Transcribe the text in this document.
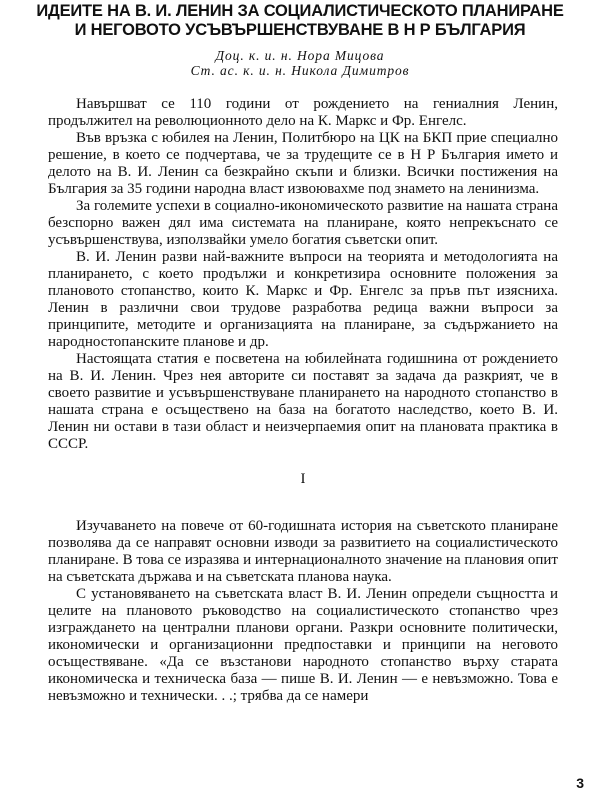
ИДЕИТЕ НА В. И. ЛЕНИН ЗА СОЦИАЛИСТИЧЕСКОТО ПЛАНИРАНЕ
И НЕГОВОТО УСЪВЪРШЕНСТВУВАНЕ В Н Р БЪЛГАРИЯ
Доц. к. и. н. Нора Мицова
Ст. ас. к. и. н. Никола Димитров

Навършват се 110 години от рождението на гениалния Ленин, продължител на революционното дело на К. Маркс и Фр. Енгелс.

Във връзка с юбилея на Ленин, Политбюро на ЦК на БКП прие специално решение, в което се подчертава, че за трудещите се в Н Р България името и делото на В. И. Ленин са безкрайно скъпи и близки. Всички постижения на България за 35 години народна власт извоювахме под знамето на ленинизма.

За големите успехи в социално-икономическото развитие на нашата страна безспорно важен дял има системата на планиране, която непрекъснато се усъвършенствува, използвайки умело богатия съветски опит.

В. И. Ленин разви най-важните въпроси на теорията и методологията на планирането, с което продължи и конкретизира основните положения за плановото стопанство, които К. Маркс и Фр. Енгелс за пръв път изясниха. Ленин в различни свои трудове разработва редица важни въпроси за принципите, методите и организацията на планиране, за съдържанието на народностопанските планове и др.

Настоящата статия е посветена на юбилейната годишнина от рождението на В. И. Ленин. Чрез нея авторите си поставят за задача да разкрият, че в своето развитие и усъвършенствуване планирането на народното стопанство в нашата страна е осъществено на база на богатото наследство, което В. И. Ленин ни остави в тази област и неизчерпаемия опит на плановата практика в СССР.

I

Изучаването на повече от 60-годишната история на съветското планиране позволява да се направят основни изводи за развитието на социалистическото планиране. В това се изразява и интернационалното значение на плановия опит на съветската държава и на съветската плановa наука.

С установяването на съветската власт В. И. Ленин определи същността и целите на плановото ръководство на социалистическото стопанство чрез изграждането на централни планови органи. Разкри основните политически, икономически и организационни предпоставки и принципи на неговото осъществяване. «Да се възстанови народното стопанство върху старата икономическа и техническа база — пише В. И. Ленин — е невъзможно. Това е невъзможно и технически. . .; трябва да се намери

3
